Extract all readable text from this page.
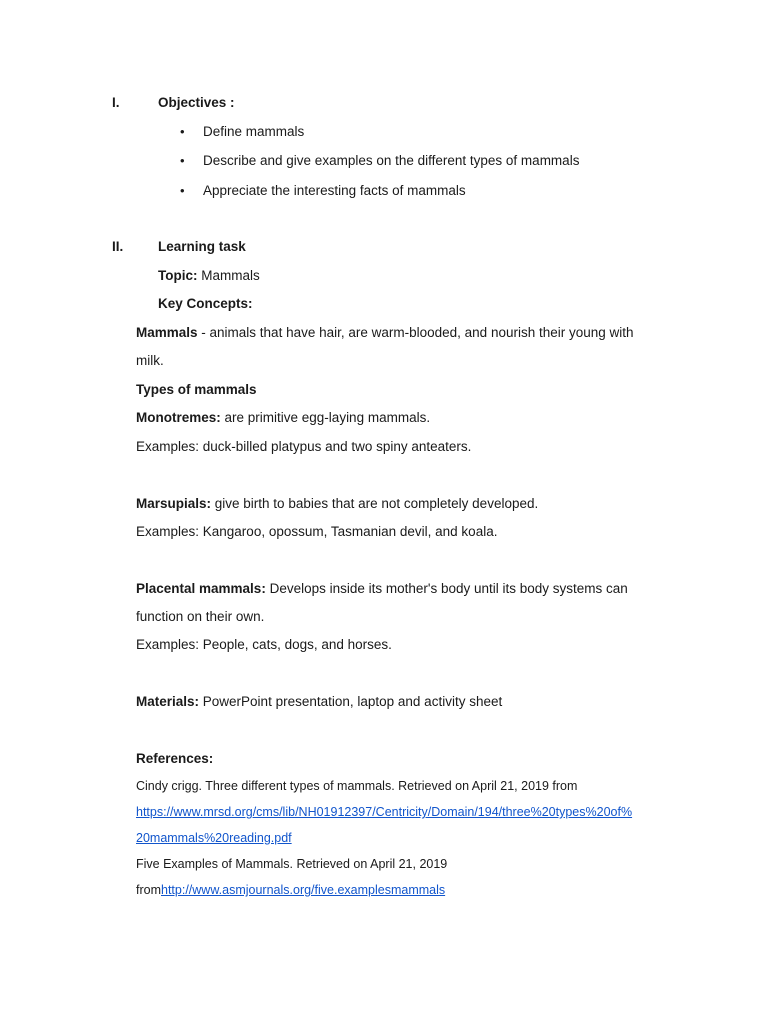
I.	Objectives :
• Define mammals
• Describe and give examples on the different types of mammals
• Appreciate the interesting facts of mammals
II.	Learning task
Topic: Mammals
Key Concepts:
Mammals - animals that have hair, are warm-blooded, and nourish their young with
milk.
Types of mammals
Monotremes: are primitive egg-laying mammals.
Examples: duck-billed platypus and two spiny anteaters.
Marsupials: give birth to babies that are not completely developed.
Examples: Kangaroo, opossum, Tasmanian devil, and koala.
Placental mammals: Develops inside its mother's body until its body systems can
function on their own.
Examples: People, cats, dogs, and horses.
Materials: PowerPoint presentation, laptop and activity sheet
References:
Cindy crigg. Three different types of mammals. Retrieved on April 21, 2019 from
https://www.mrsd.org/cms/lib/NH01912397/Centricity/Domain/194/three%20types%20of%
20mammals%20reading.pdf
Five Examples of Mammals. Retrieved on April 21, 2019
fromhttp://www.asmjournals.org/five.examplesmammals
